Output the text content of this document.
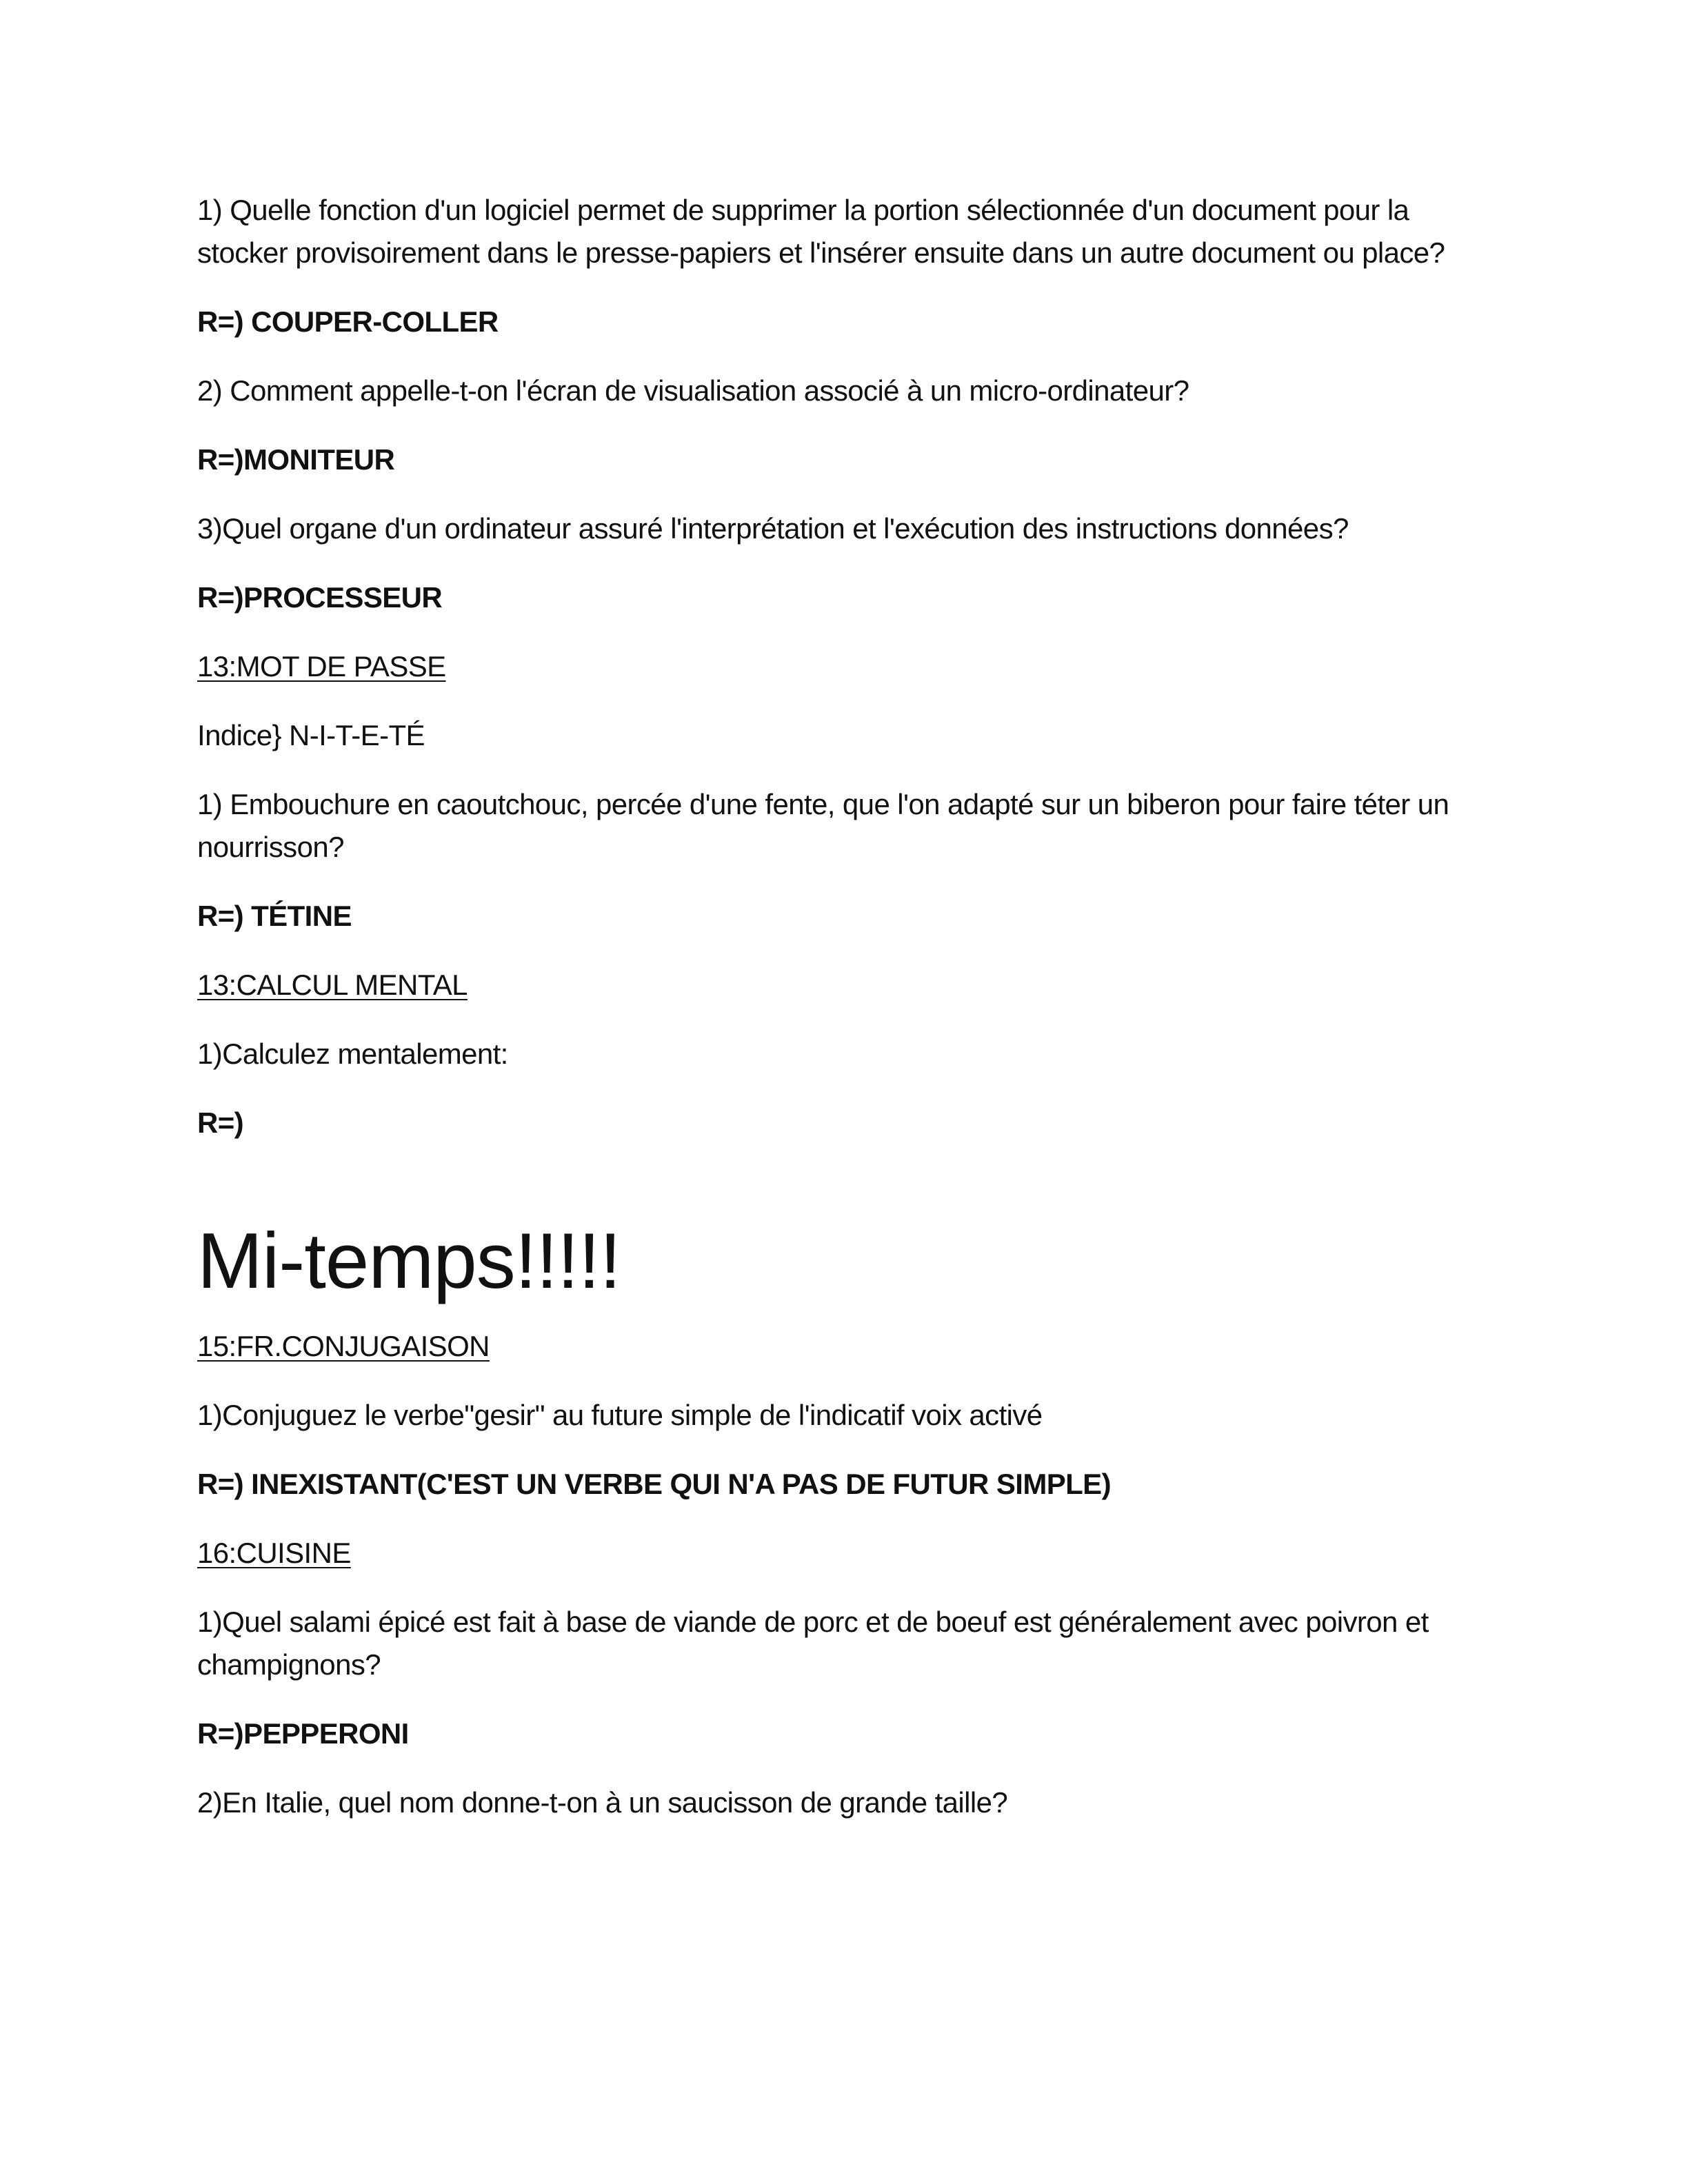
1) Quelle fonction d'un logiciel permet de supprimer la portion sélectionnée d'un document pour la stocker provisoirement dans le presse-papiers et l'insérer ensuite dans un autre document ou place?

R=) COUPER-COLLER

2) Comment appelle-t-on l'écran de visualisation associé à un micro-ordinateur?

R=)MONITEUR

3)Quel organe d'un ordinateur assuré l'interprétation et l'exécution des instructions données?

R=)PROCESSEUR

13:MOT DE PASSE

Indice} N-I-T-E-TÉ

1) Embouchure en caoutchouc, percée d'une fente, que l'on adapté sur un biberon pour faire téter un nourrisson?

R=) TÉTINE

13:CALCUL MENTAL

1)Calculez mentalement:

R=)

Mi-temps!!!!!

15:FR.CONJUGAISON

1)Conjuguez le verbe"gesir" au future simple de l'indicatif voix activé

R=) INEXISTANT(C'EST UN VERBE QUI N'A PAS DE FUTUR SIMPLE)

16:CUISINE

1)Quel salami épicé est fait à base de viande de porc et de boeuf est généralement avec poivron et champignons?

R=)PEPPERONI

2)En Italie, quel nom donne-t-on à un saucisson de grande taille?
